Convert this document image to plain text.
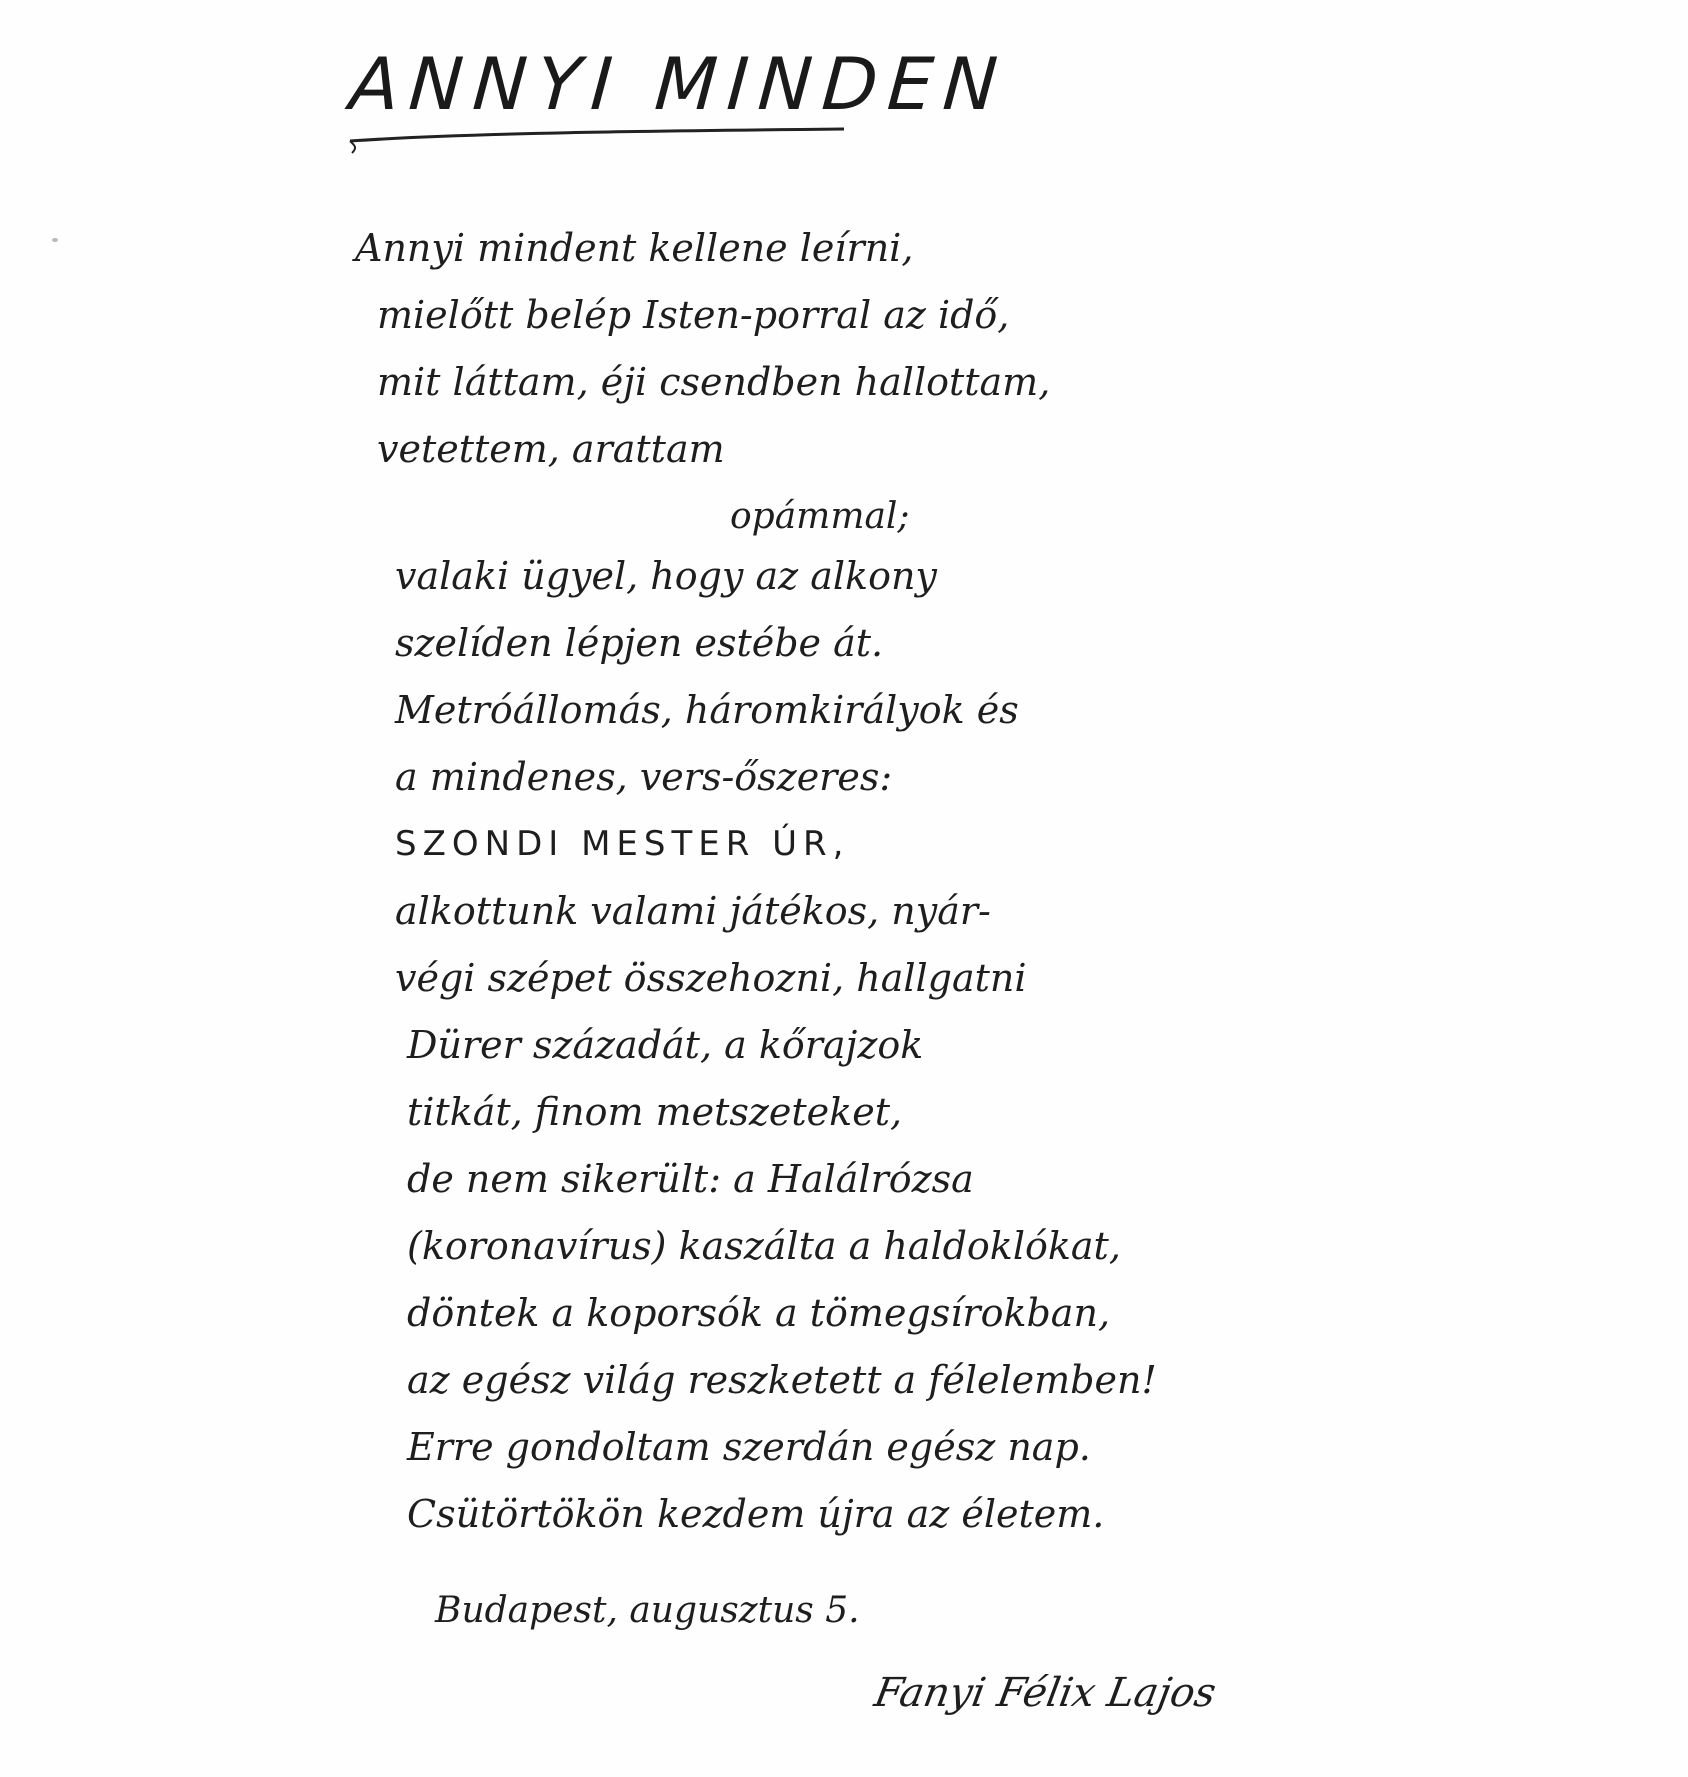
ANNYI MINDEN
Annyi mindent kellene leírni,
mielőtt belép Isten-porral az idő,
mit láttam, éji csendben hallottam,
vetettem, arattam
opámmal;
valaki ügyel, hogy az alkony
szelíden lépjen estébe át.
Metróállomás, háromkirályok és
a mindenes, vers-őszeres:
SZONDI MESTER ÚR,
alkottunk valami játékos, nyár-
végi szépet összehozni, hallgatni
Dürer századát, a kőrajzok
titkát, finom metszeteket,
de nem sikerült: a Halálrózsa
(koronavírus) kaszálta a haldoklókat,
döntek a koporsók a tömegsírokban,
az egész világ reszketett a félelemben!
Erre gondoltam szerdán egész nap.
Csütörtökön kezdem újra az életem.
Budapest, augusztus 5.
Fanyi Félix Lajos
